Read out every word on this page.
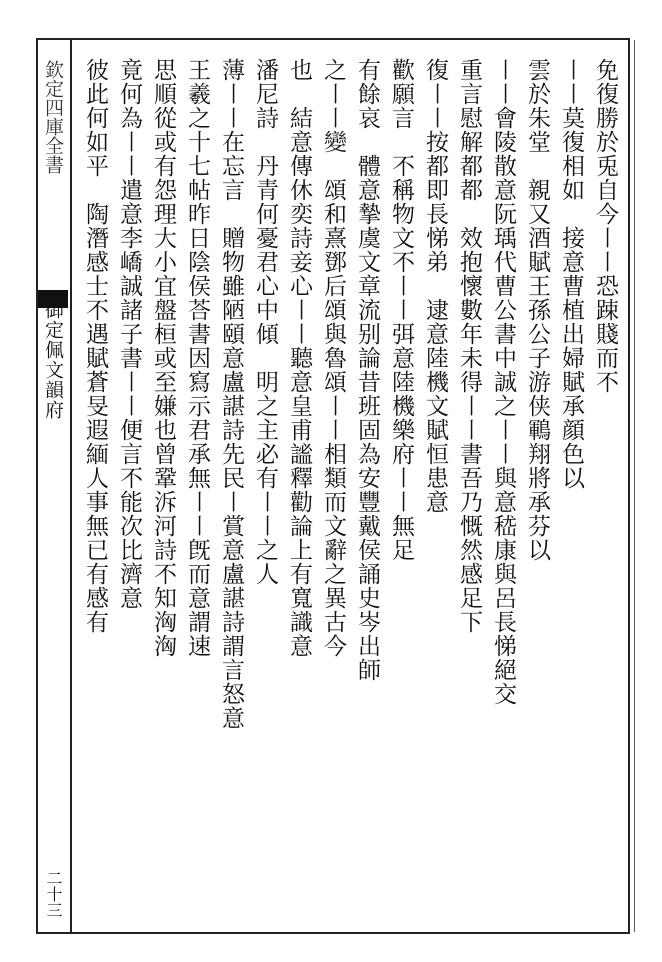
欽定四庫全書
御定佩文韻府
二十三
免復勝於兎自今〡〡恐踈賤而不
〡〡莫復相如　接意曹植出婦賦承顔色以
雲於朱堂　親又酒賦王孫公子游侠鶤翔將承芬以
〡〡會陵散意阮瑀代曹公書中誠之〡〡與意嵇康與呂長悌絕交
重言慰解都都　效抱懷數年未得〡〡書吾乃慨然感足下
復〡〡按都即長悌弟　逮意陸機文賦恒患意
歡願言　不稱物文不〡〡弭意陸機樂府〡〡無足
有餘哀　體意摯虞文章流别論昔班固為安豐戴侯誦史岑出師
之〡〡變　頌和熹鄧后頌與魯頌〡〡相類而文辭之異古今
也　結意傳休奕詩妾心〡〡聽意皇甫謐釋勸論上有寬識意
潘尼詩　丹青何憂君心中傾　明之主必有〡〡之人
薄〡〡在忘言　贈物雖陋頤意盧諶詩先民〡賞意盧諶詩謂言怒意
王羲之十七帖昨日陰侯荅書因寫示君承無〡〡旣而意謂速
思順從或有怨理大小宜盤桓或至嫌也曾鞏泝河詩不知洶洶
竟何為〡〡遣意李嶠誠諸子書〡〡便言不能次比濟意
彼此何如平　陶潛感士不遇賦蒼旻遐緬人事無已有感有
